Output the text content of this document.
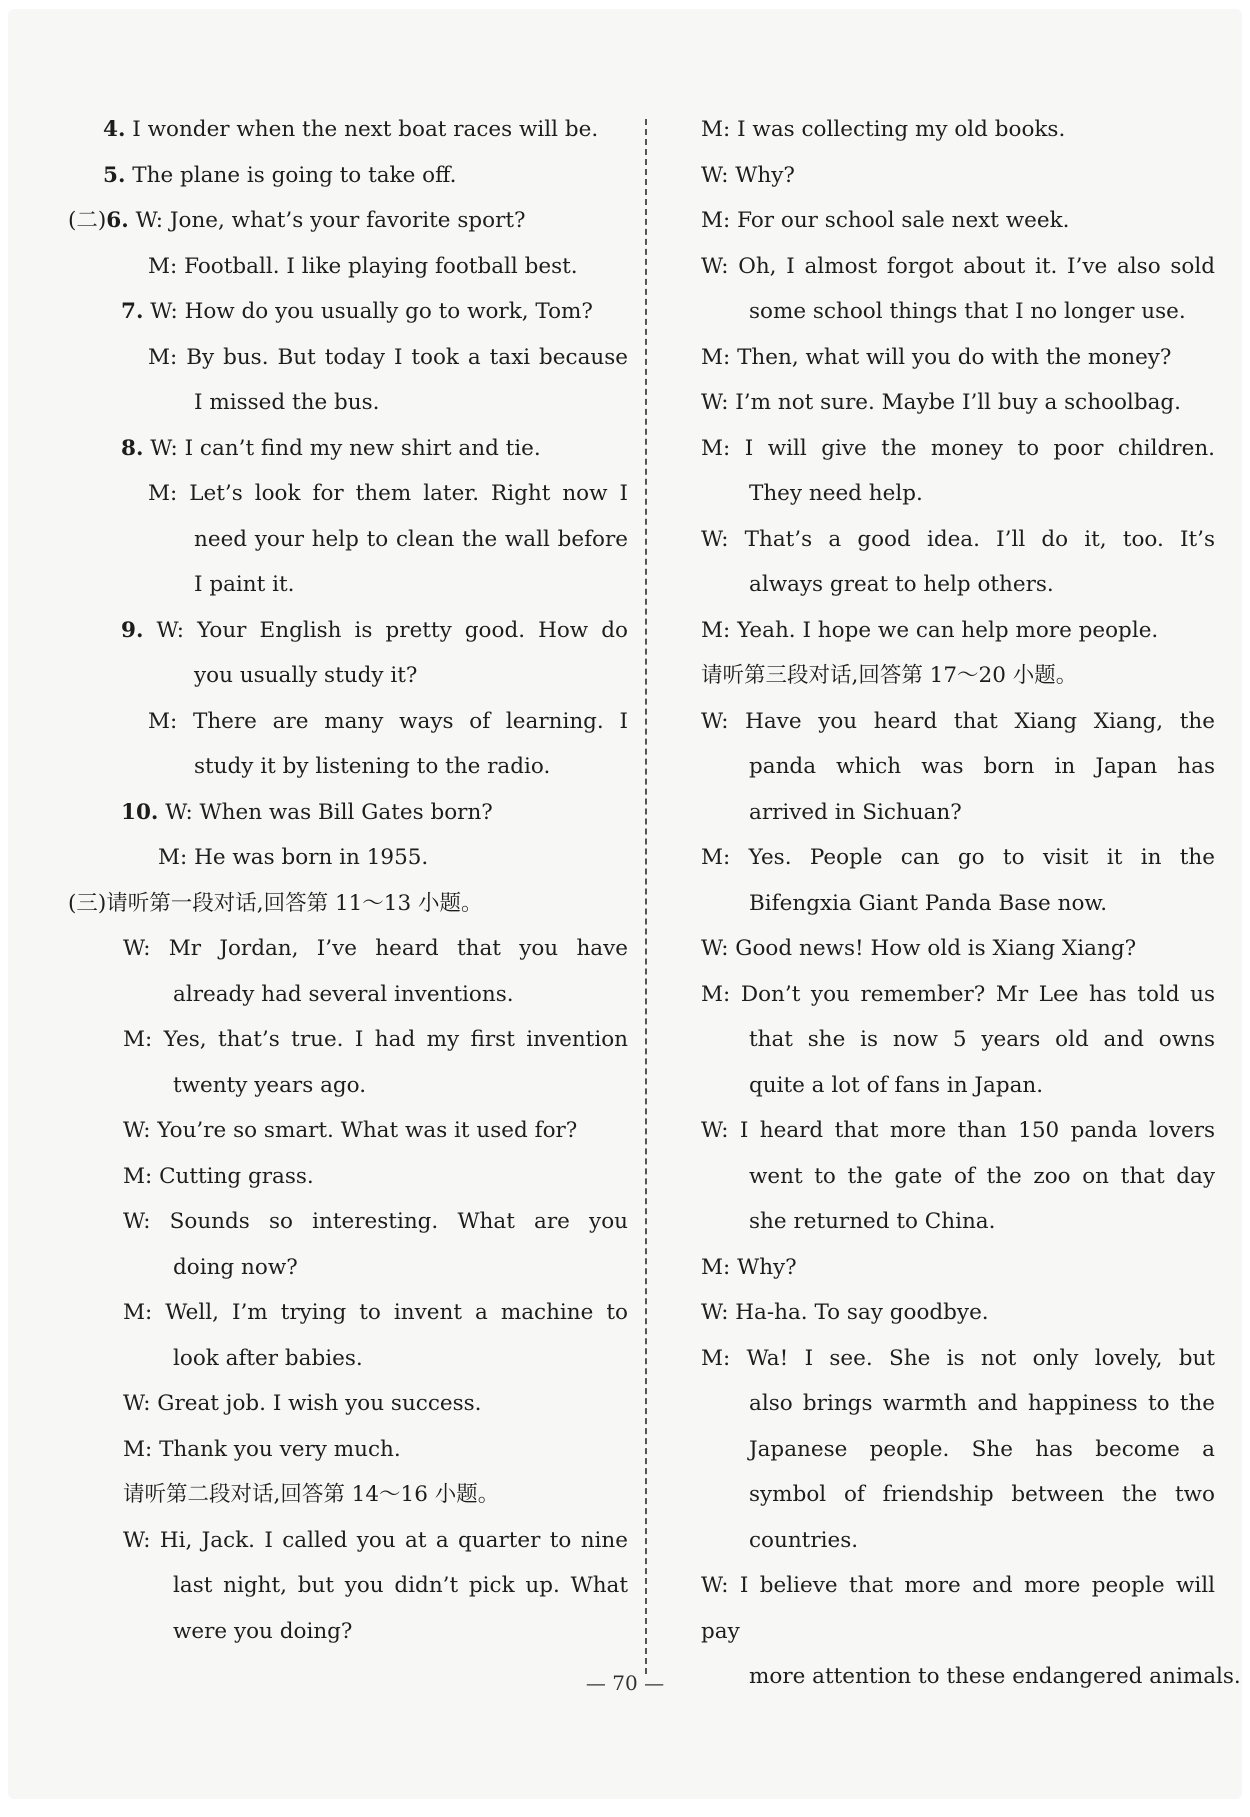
4. I wonder when the next boat races will be.
5. The plane is going to take off.
(二)6. W: Jone, what’s your favorite sport?
M: Football. I like playing football best.
7. W: How do you usually go to work, Tom?
M: By bus. But today I took a taxi because
I missed the bus.
8. W: I can’t find my new shirt and tie.
M: Let’s look for them later. Right now I
need your help to clean the wall before
I paint it.
9. W: Your English is pretty good. How do
you usually study it?
M: There are many ways of learning. I
study it by listening to the radio.
10. W: When was Bill Gates born?
M: He was born in 1955.
(三)请听第一段对话,回答第 11～13 小题。
W: Mr Jordan, I’ve heard that you have
already had several inventions.
M: Yes, that’s true. I had my first invention
twenty years ago.
W: You’re so smart. What was it used for?
M: Cutting grass.
W: Sounds so interesting. What are you
doing now?
M: Well, I’m trying to invent a machine to
look after babies.
W: Great job. I wish you success.
M: Thank you very much.
请听第二段对话,回答第 14～16 小题。
W: Hi, Jack. I called you at a quarter to nine
last night, but you didn’t pick up. What
were you doing?
M: I was collecting my old books.
W: Why?
M: For our school sale next week.
W: Oh, I almost forgot about it. I’ve also sold
some school things that I no longer use.
M: Then, what will you do with the money?
W: I’m not sure. Maybe I’ll buy a schoolbag.
M: I will give the money to poor children.
They need help.
W: That’s a good idea. I’ll do it, too. It’s
always great to help others.
M: Yeah. I hope we can help more people.
请听第三段对话,回答第 17～20 小题。
W: Have you heard that Xiang Xiang, the
panda which was born in Japan has
arrived in Sichuan?
M: Yes. People can go to visit it in the
Bifengxia Giant Panda Base now.
W: Good news! How old is Xiang Xiang?
M: Don’t you remember? Mr Lee has told us
that she is now 5 years old and owns
quite a lot of fans in Japan.
W: I heard that more than 150 panda lovers
went to the gate of the zoo on that day
she returned to China.
M: Why?
W: Ha-ha. To say goodbye.
M: Wa! I see. She is not only lovely, but
also brings warmth and happiness to the
Japanese people. She has become a
symbol of friendship between the two
countries.
W: I believe that more and more people will pay
more attention to these endangered animals.
— 70 —
